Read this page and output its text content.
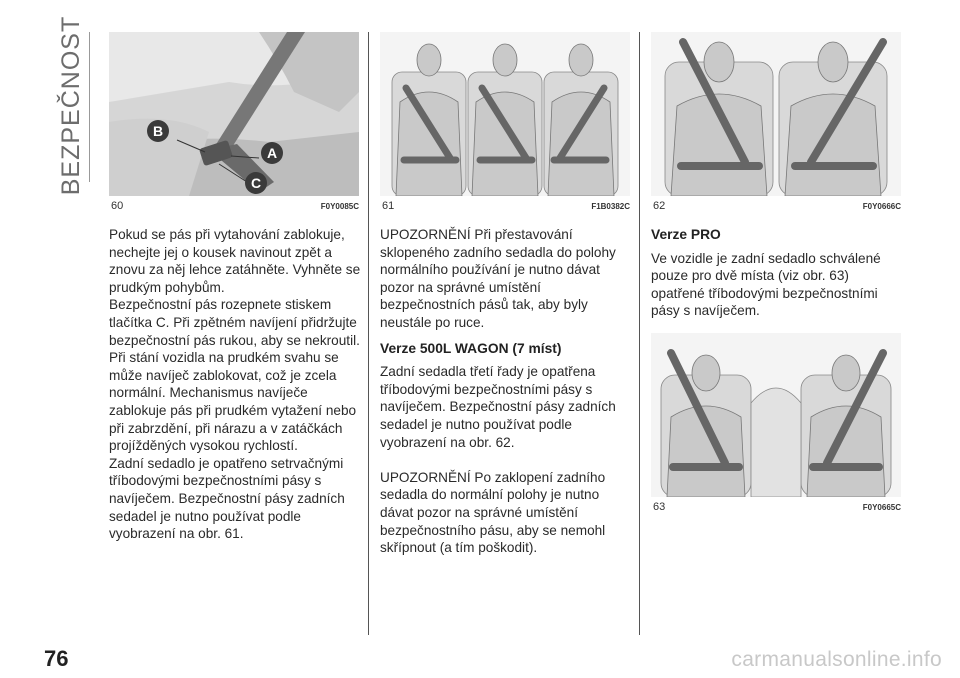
BEZPEČNOST	B
A
C
60	F0Y0085C 61	F1B0382C 62	F0Y0666C
63	F0Y0665C

Pokud se pás při vytahování zablokuje, nechejte jej o kousek navinout zpět a znovu za něj lehce zatáhněte. Vyhněte se prudkým pohybům.

Bezpečnostní pás rozepnete stiskem tlačítka C. Při zpětném navíjení přidržujte bezpečnostní pás rukou, aby se nekroutil.

Při stání vozidla na prudkém svahu se může navíječ zablokovat, což je zcela normální. Mechanismus navíječe zablokuje pás při prudkém vytažení nebo při zabrzdění, při nárazu a v zatáčkách projížděných vysokou rychlostí.

Zadní sedadlo je opatřeno setrvačnými tříbodovými bezpečnostními pásy s navíječem. Bezpečnostní pásy zadních sedadel je nutno používat podle vyobrazení na obr. 61.

UPOZORNĚNÍ Při přestavování sklopeného zadního sedadla do polohy normálního používání je nutno dávat pozor na správné umístění bezpečnostních pásů tak, aby byly neustále po ruce.

Verze 500L WAGON (7 míst)

Zadní sedadla třetí řady je opatřena tříbodovými bezpečnostními pásy s navíječem. Bezpečnostní pásy zadních sedadel je nutno používat podle vyobrazení na obr. 62.

UPOZORNĚNÍ Po zaklopení zadního sedadla do normální polohy je nutno dávat pozor na správné umístění bezpečnostního pásu, aby se nemohl skřípnout (a tím poškodit).

Verze PRO

Ve vozidle je zadní sedadlo schválené pouze pro dvě místa (viz obr. 63) opatřené tříbodovými bezpečnostními pásy s navíječem.

76	carmanualsonline.info
